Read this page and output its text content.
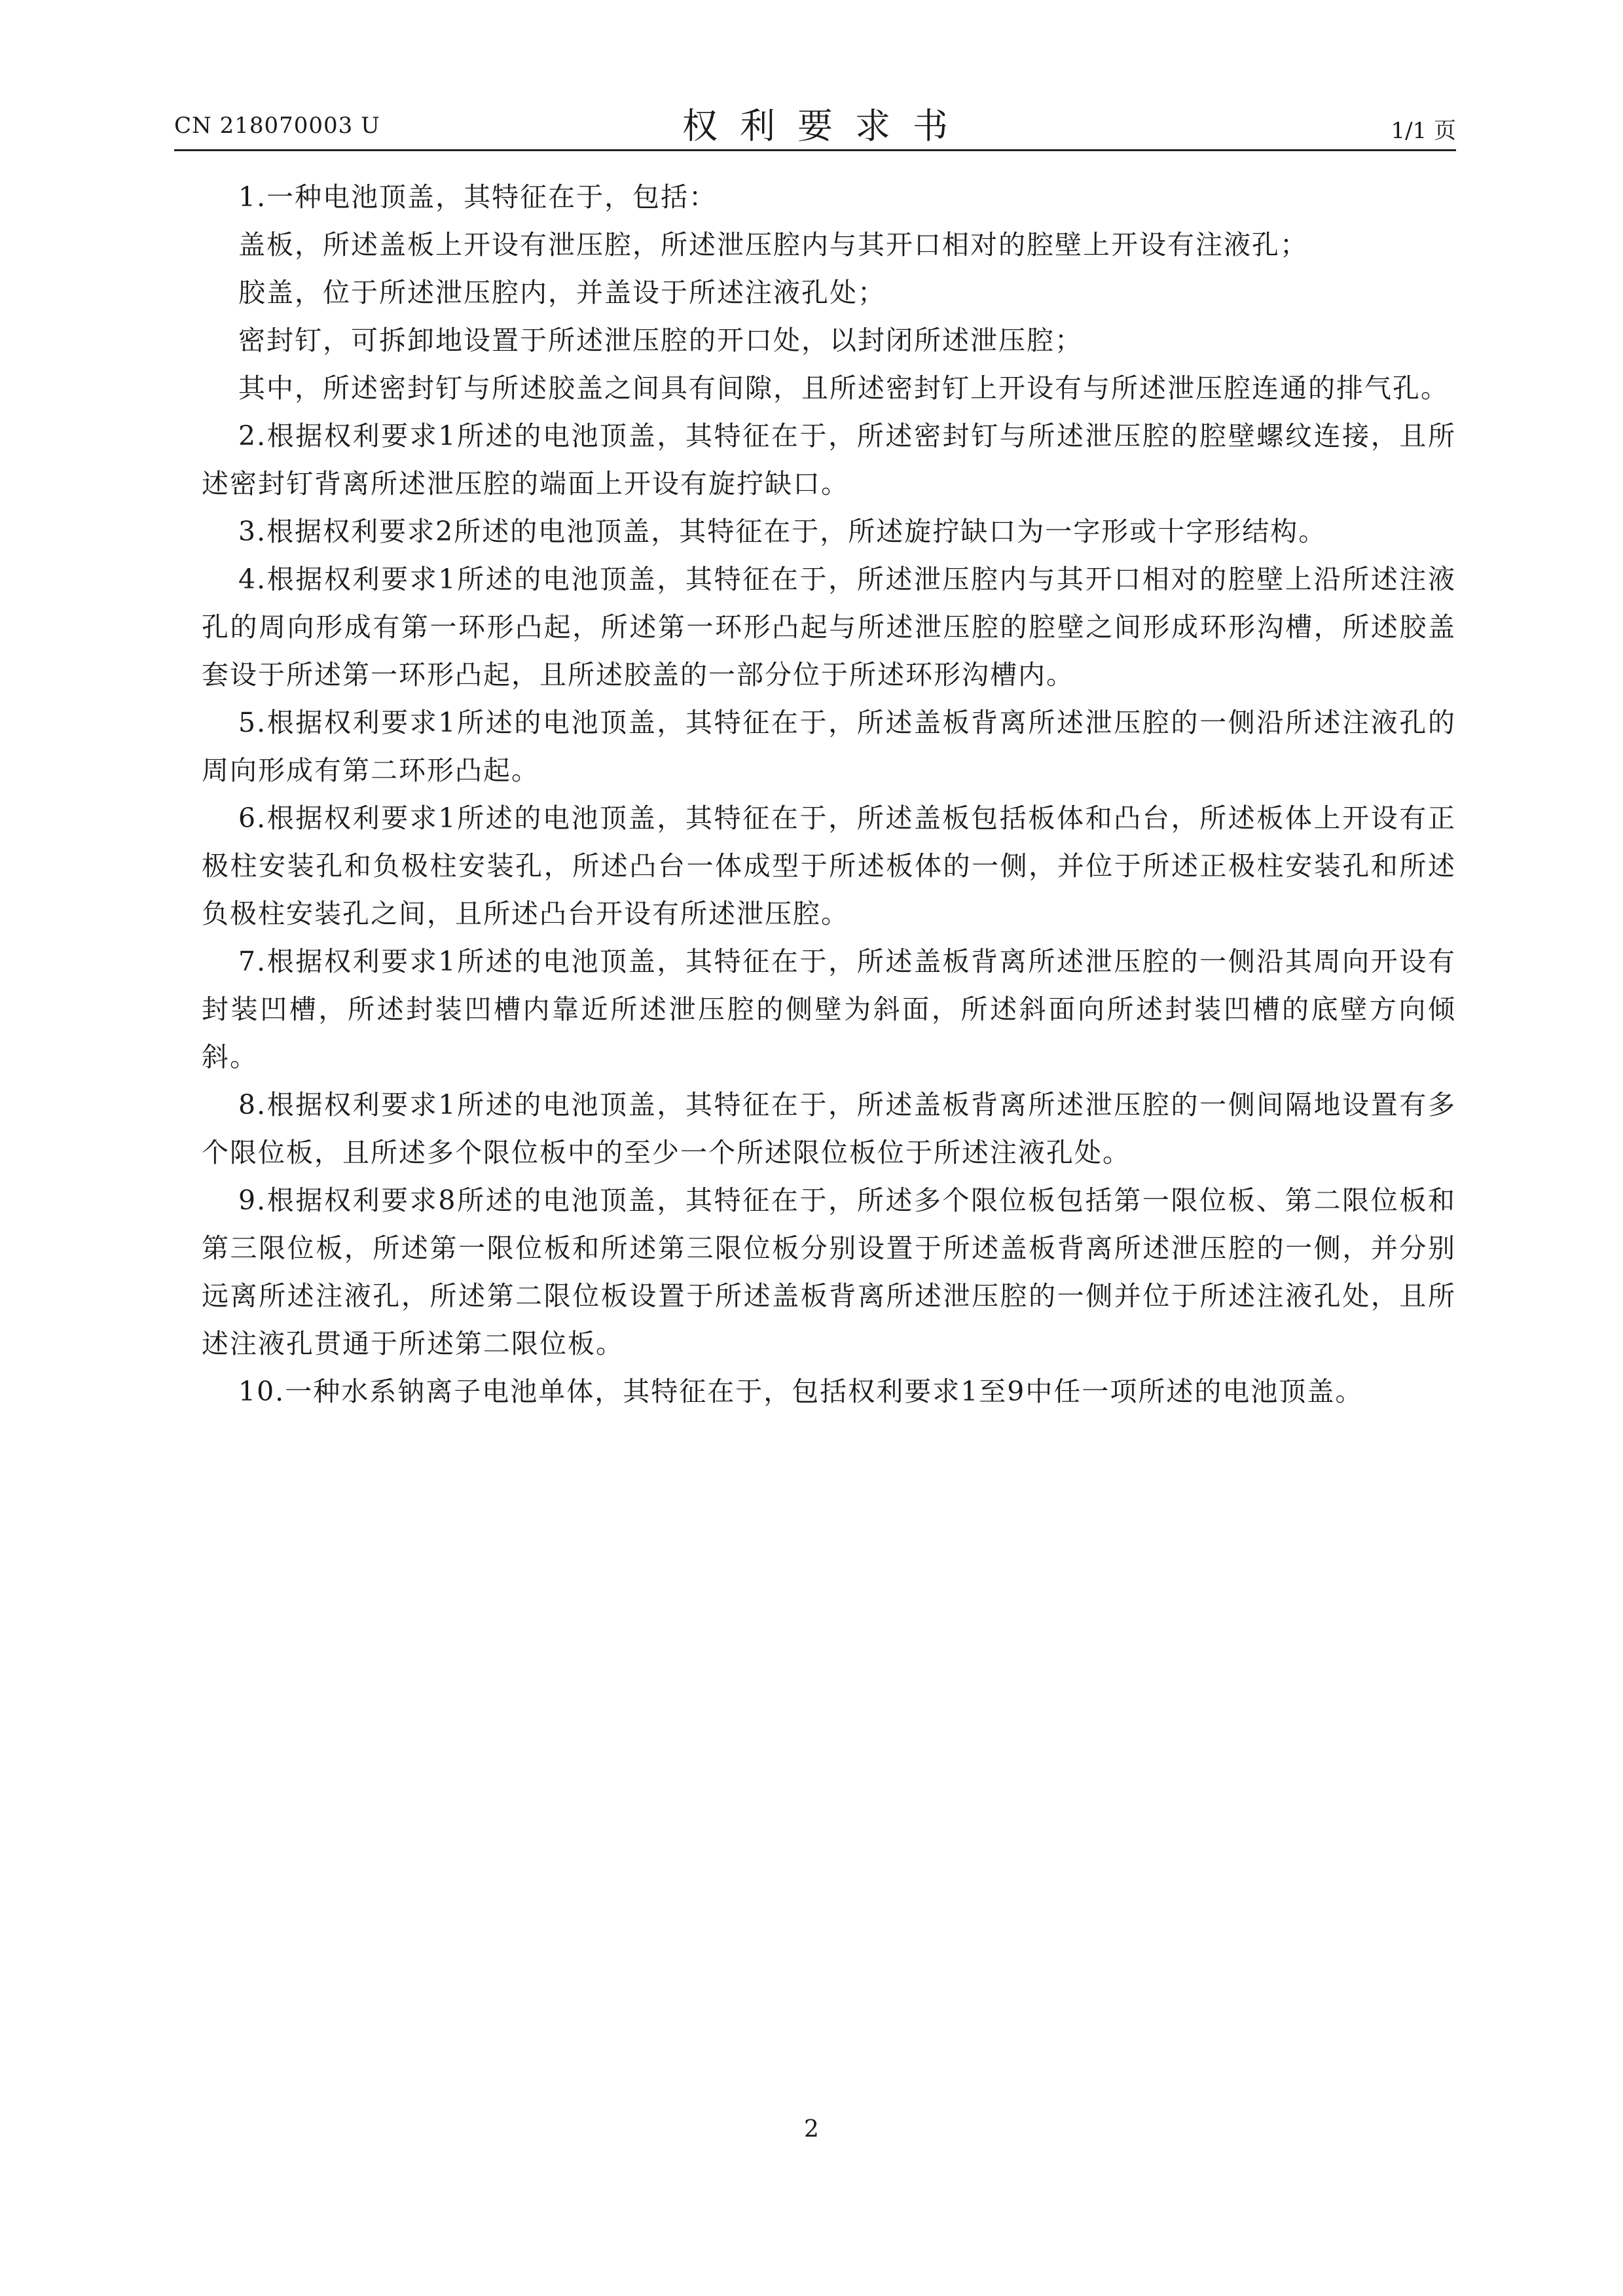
CN 218070003 U	权利要求书	1/1 页

1.一种电池顶盖，其特征在于，包括：

盖板，所述盖板上开设有泄压腔，所述泄压腔内与其开口相对的腔壁上开设有注液孔；

胶盖，位于所述泄压腔内，并盖设于所述注液孔处；

密封钉，可拆卸地设置于所述泄压腔的开口处，以封闭所述泄压腔；

其中，所述密封钉与所述胶盖之间具有间隙，且所述密封钉上开设有与所述泄压腔连通的排气孔。

2.根据权利要求1所述的电池顶盖，其特征在于，所述密封钉与所述泄压腔的腔壁螺纹连接，且所述密封钉背离所述泄压腔的端面上开设有旋拧缺口。

3.根据权利要求2所述的电池顶盖，其特征在于，所述旋拧缺口为一字形或十字形结构。

4.根据权利要求1所述的电池顶盖，其特征在于，所述泄压腔内与其开口相对的腔壁上沿所述注液孔的周向形成有第一环形凸起，所述第一环形凸起与所述泄压腔的腔壁之间形成环形沟槽，所述胶盖套设于所述第一环形凸起，且所述胶盖的一部分位于所述环形沟槽内。

5.根据权利要求1所述的电池顶盖，其特征在于，所述盖板背离所述泄压腔的一侧沿所述注液孔的周向形成有第二环形凸起。

6.根据权利要求1所述的电池顶盖，其特征在于，所述盖板包括板体和凸台，所述板体上开设有正极柱安装孔和负极柱安装孔，所述凸台一体成型于所述板体的一侧，并位于所述正极柱安装孔和所述负极柱安装孔之间，且所述凸台开设有所述泄压腔。

7.根据权利要求1所述的电池顶盖，其特征在于，所述盖板背离所述泄压腔的一侧沿其周向开设有封装凹槽，所述封装凹槽内靠近所述泄压腔的侧壁为斜面，所述斜面向所述封装凹槽的底壁方向倾斜。

8.根据权利要求1所述的电池顶盖，其特征在于，所述盖板背离所述泄压腔的一侧间隔地设置有多个限位板，且所述多个限位板中的至少一个所述限位板位于所述注液孔处。

9.根据权利要求8所述的电池顶盖，其特征在于，所述多个限位板包括第一限位板、第二限位板和第三限位板，所述第一限位板和所述第三限位板分别设置于所述盖板背离所述泄压腔的一侧，并分别远离所述注液孔，所述第二限位板设置于所述盖板背离所述泄压腔的一侧并位于所述注液孔处，且所述注液孔贯通于所述第二限位板。

10.一种水系钠离子电池单体，其特征在于，包括权利要求1至9中任一项所述的电池顶盖。

2
